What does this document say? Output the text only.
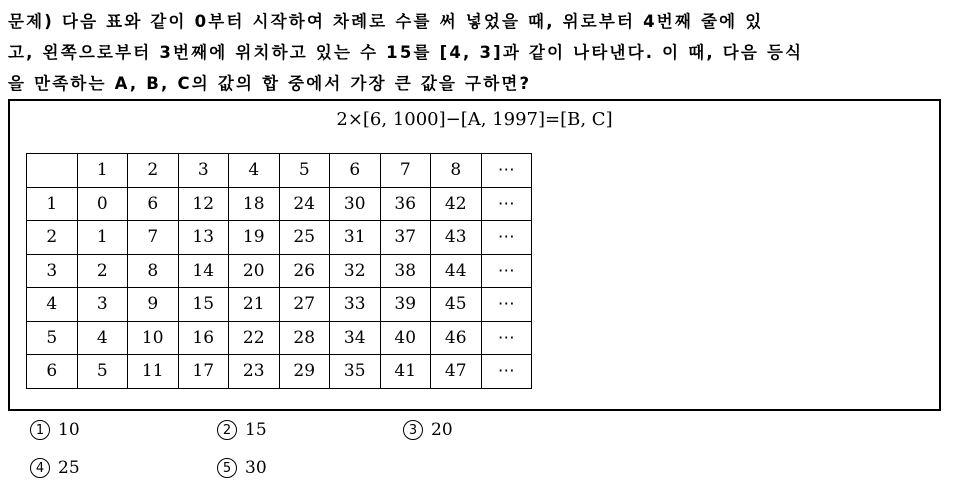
문제) 다음 표와 같이 0부터 시작하여 차례로 수를 써 넣었을 때, 위로부터 4번째 줄에 있
고, 왼쪽으로부터 3번째에 위치하고 있는 수 15를 [4, 3]과 같이 나타낸다. 이 때, 다음 등식
을 만족하는 A, B, C의 값의 합 중에서 가장 큰 값을 구하면?

2×[6, 1000]−[A, 1997]=[B, C]

	1	2	3	4	5	6	7	8	⋯
1	0	6	12	18	24	30	36	42	⋯
2	1	7	13	19	25	31	37	43	⋯
3	2	8	14	20	26	32	38	44	⋯
4	3	9	15	21	27	33	39	45	⋯
5	4	10	16	22	28	34	40	46	⋯
6	5	11	17	23	29	35	41	47	⋯
1 10	2 15	3 20
4 25	5 30
